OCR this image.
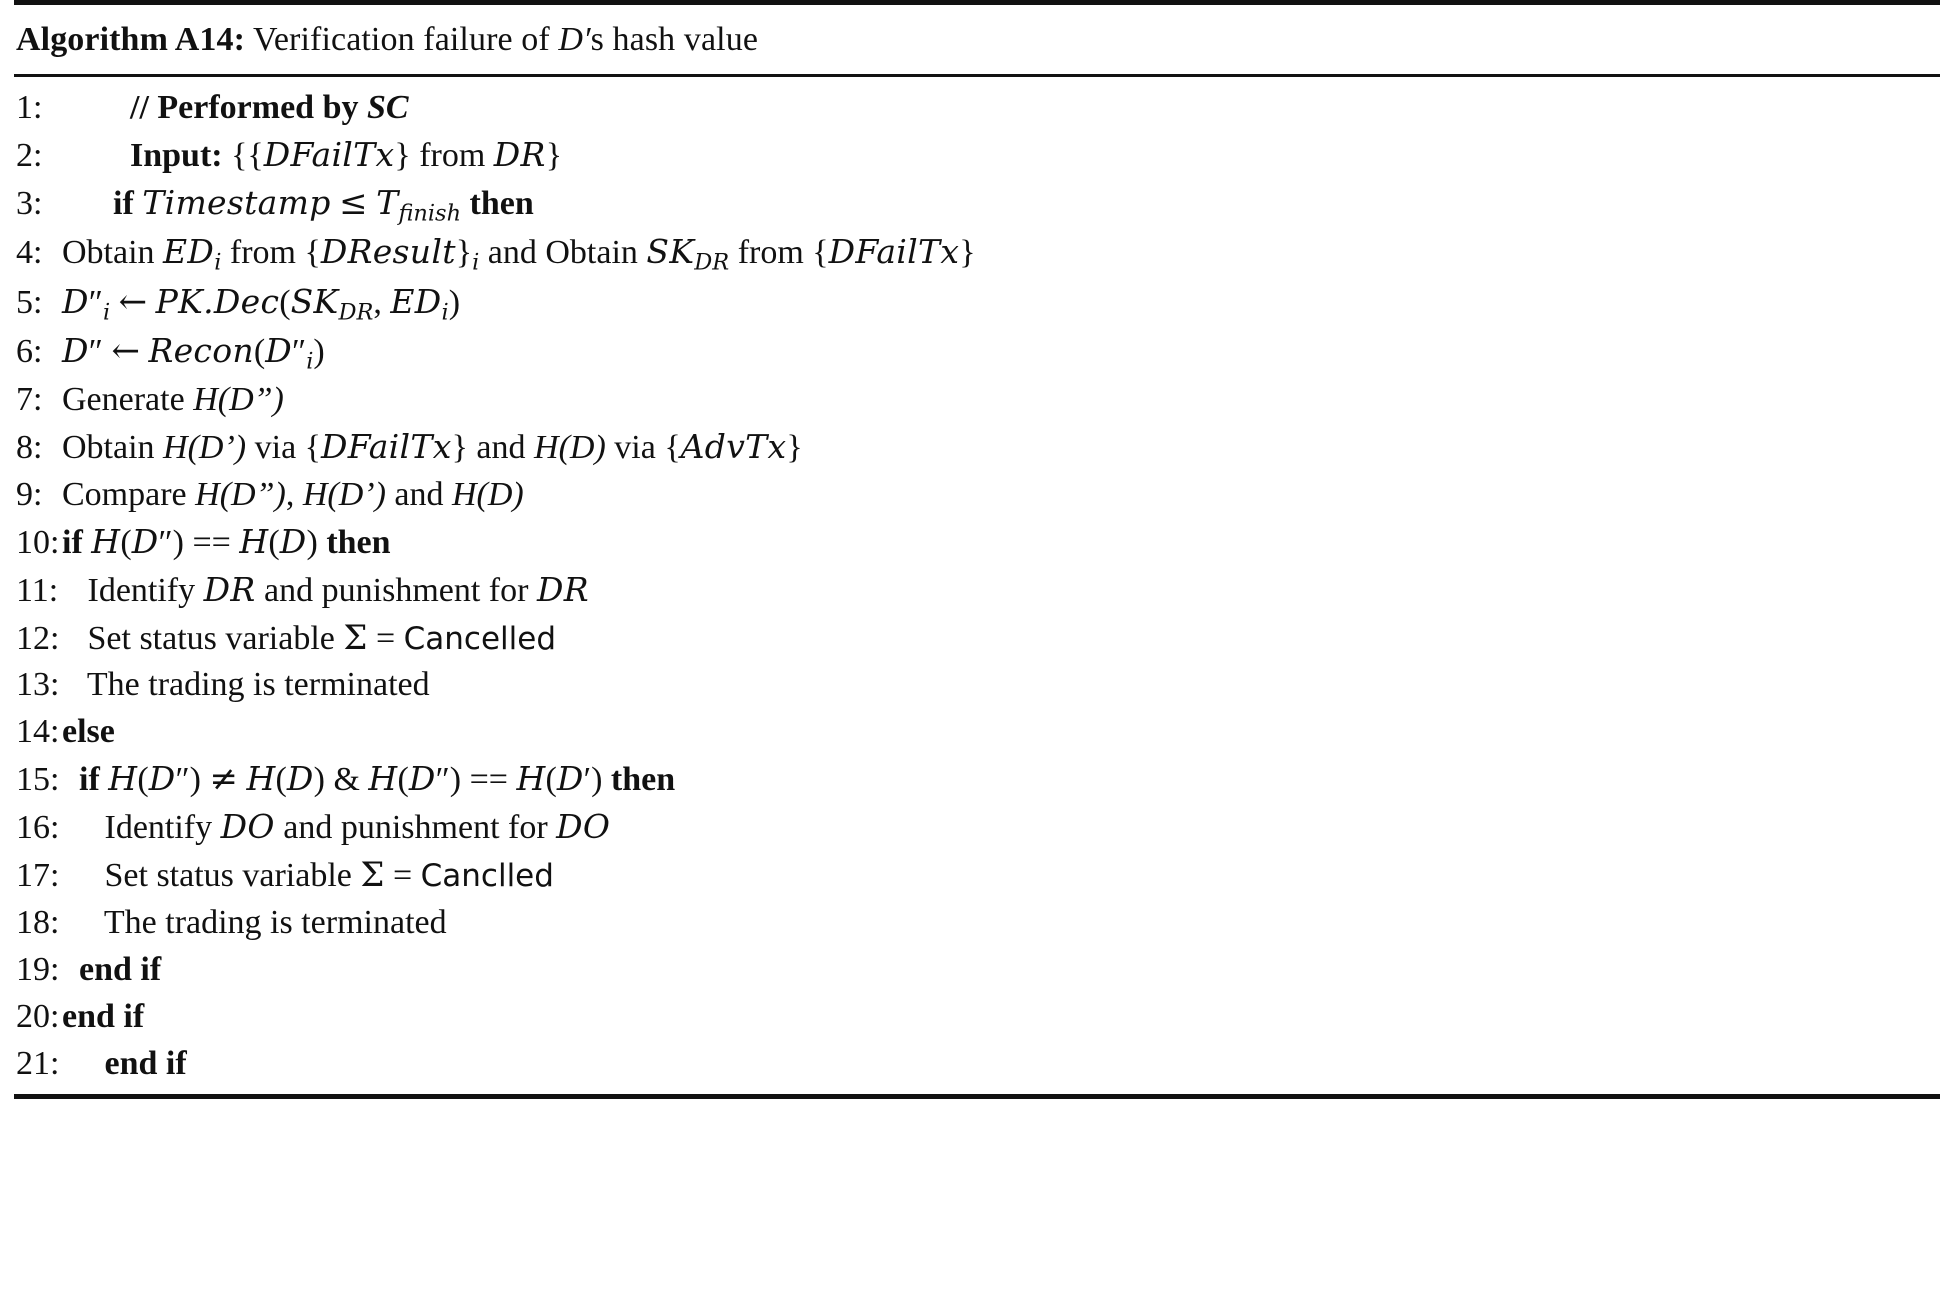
Algorithm A14: Verification failure of D′s hash value
1:	// Performed by SC
2:	Input: {{DFailTx} from DR}
3:	if Timestamp ≤ $T_{finish}$ then
4: Obtain $ED_i$ from $\{DResult\}_i$ and Obtain $SK_{DR}$ from {DFailTx}
5: $D''_i$ ← $PK.Dec(SK_{DR}$, $ED_i$)
6: D″ ← $Recon(D''_i)$
7: Generate H(D”)
8: Obtain H(D’) via {DFailTx} and H(D) via {AdvTx}
9: Compare H(D”), H(D’) and H(D)
10: if H(D″) == H(D) then
11: Identify DR and punishment for DR
12: Set status variable Σ = Cancelled
13: The trading is terminated
14: else
15: if H(D″) ≠ H(D) & H(D″) == H(D′) then
16: Identify DO and punishment for DO
17: Set status variable Σ = Canclled
18: The trading is terminated
19: end if
20: end if
21:	end if
